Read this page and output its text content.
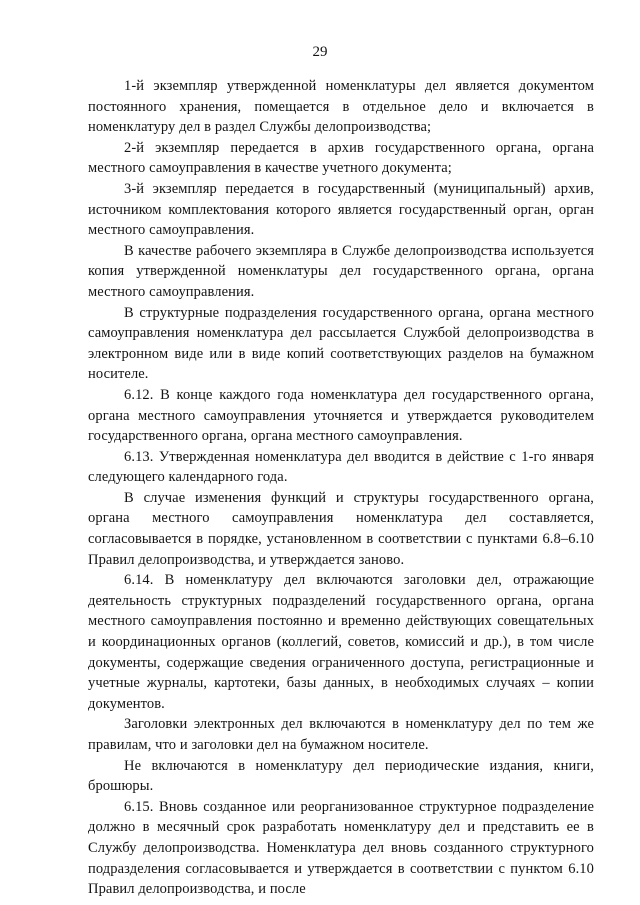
29

1-й экземпляр утвержденной номенклатуры дел является документом постоянного хранения, помещается в отдельное дело и включается в номенклатуру дел в раздел Службы делопроизводства;

2-й экземпляр передается в архив государственного органа, органа местного самоуправления в качестве учетного документа;

3-й экземпляр передается в государственный (муниципальный) архив, источником комплектования которого является государственный орган, орган местного самоуправления.

В качестве рабочего экземпляра в Службе делопроизводства используется копия утвержденной номенклатуры дел государственного органа, органа местного самоуправления.

В структурные подразделения государственного органа, органа местного самоуправления номенклатура дел рассылается Службой делопроизводства в электронном виде или в виде копий соответствующих разделов на бумажном носителе.

6.12. В конце каждого года номенклатура дел государственного органа, органа местного самоуправления уточняется и утверждается руководителем государственного органа, органа местного самоуправления.

6.13. Утвержденная номенклатура дел вводится в действие с 1-го января следующего календарного года.

В случае изменения функций и структуры государственного органа, органа местного самоуправления номенклатура дел составляется, согласовывается в порядке, установленном в соответствии с пунктами 6.8–6.10 Правил делопроизводства, и утверждается заново.

6.14. В номенклатуру дел включаются заголовки дел, отражающие деятельность структурных подразделений государственного органа, органа местного самоуправления постоянно и временно действующих совещательных и координационных органов (коллегий, советов, комиссий и др.), в том числе документы, содержащие сведения ограниченного доступа, регистрационные и учетные журналы, картотеки, базы данных, в необходимых случаях – копии документов.

Заголовки электронных дел включаются в номенклатуру дел по тем же правилам, что и заголовки дел на бумажном носителе.

Не включаются в номенклатуру дел периодические издания, книги, брошюры.

6.15. Вновь созданное или реорганизованное структурное подразделение должно в месячный срок разработать номенклатуру дел и представить ее в Службу делопроизводства. Номенклатура дел вновь созданного структурного подразделения согласовывается и утверждается в соответствии с пунктом 6.10 Правил делопроизводства, и после
